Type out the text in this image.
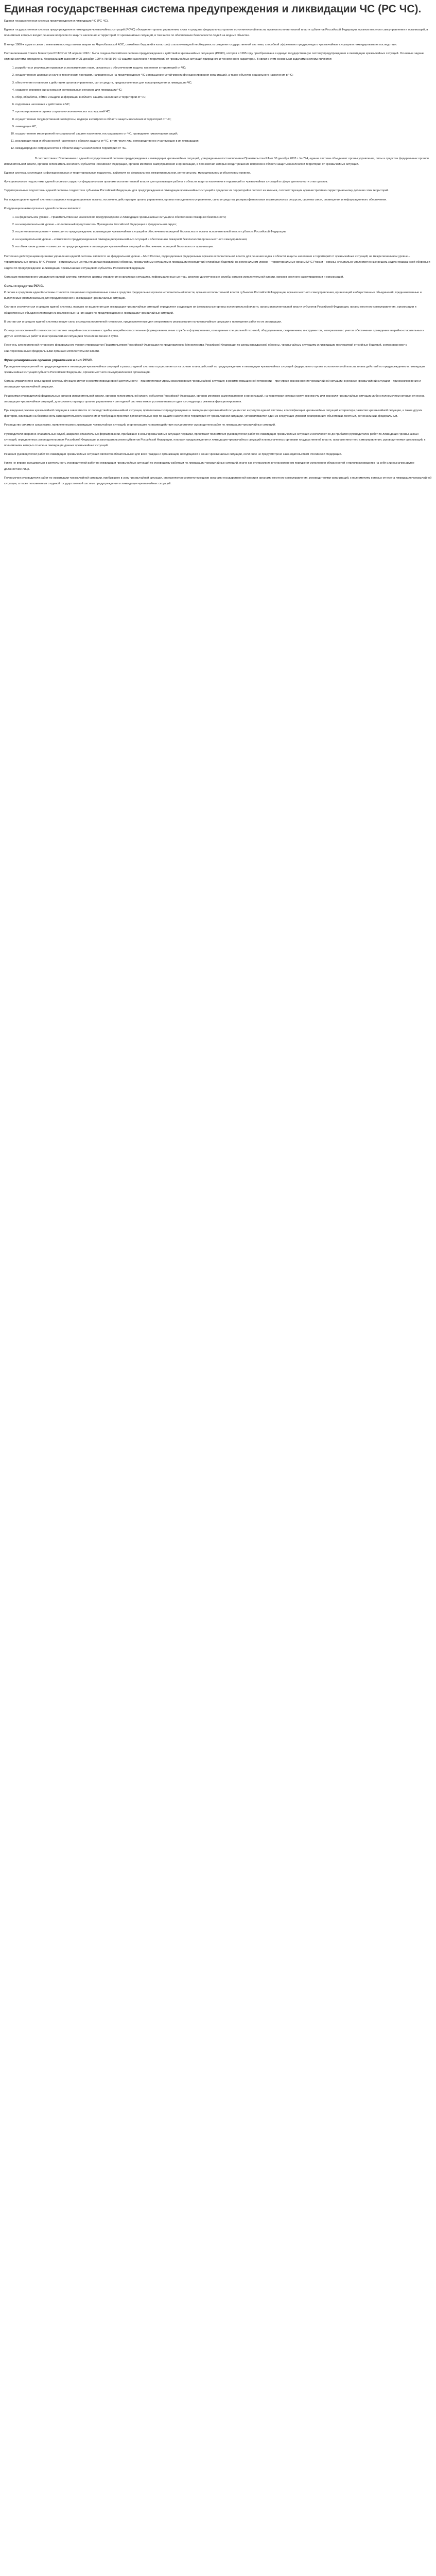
Единая государственная система предупреждения и ликвидации ЧС (РС ЧС).

Единая государственная система предупреждения и ликвидации ЧС (РС ЧС).

Единая государственная система предупреждения и ликвидации чрезвычайных ситуаций (РСЧС) объединяет органы управления, силы и средства федеральных органов исполнительной власти, органов исполнительной власти субъектов Российской Федерации, органов местного самоуправления и организаций, в полномочия которых входит решение вопросов по защите населения и территорий от чрезвычайных ситуаций, в том числе по обеспечению безопасности людей на водных объектах.

В конце 1980-х годов в связи с тяжелыми последствиями аварии на Чернобыльской АЭС, стихийных бедствий и катастроф стала очевидной необходимость создания государственной системы, способной эффективно предупреждать чрезвычайные ситуации и ликвидировать их последствия.

Постановлением Совета Министров РСФСР от 18 апреля 1992 г. была создана Российская система предупреждения и действий в чрезвычайных ситуациях (РСЧС), которая в 1995 году преобразована в единую государственную систему предупреждения и ликвидации чрезвычайных ситуаций. Основные задачи единой системы определены Федеральным законом от 21 декабря 1994 г. № 68-ФЗ «О защите населения и территорий от чрезвычайных ситуаций природного и техногенного характера». В связи с этим основными задачами системы являются:

1. разработка и реализация правовых и экономических норм, связанных с обеспечением защиты населения и территорий от ЧС;
2. осуществление целевых и научно-технических программ, направленных на предупреждение ЧС и повышение устойчивости функционирования организаций, а также объектов социального назначения в ЧС;
3. обеспечение готовности к действиям органов управления, сил и средств, предназначенных для предупреждения и ликвидации ЧС;
4. создание резервов финансовых и материальных ресурсов для ликвидации ЧС;
5. сбор, обработка, обмен и выдача информации в области защиты населения и территорий от ЧС;
6. подготовка населения к действиям в ЧС;
7. прогнозирование и оценка социально-экономических последствий ЧС;
8. осуществление государственной экспертизы, надзора и контроля в области защиты населения и территорий от ЧС;
9. ликвидация ЧС;
10. осуществление мероприятий по социальной защите населения, пострадавшего от ЧС, проведение гуманитарных акций;
11. реализация прав и обязанностей населения в области защиты от ЧС, в том числе лиц, непосредственно участвующих в их ликвидации;
12. международное сотрудничество в области защиты населения и территорий от ЧС.

В соответствии с Положением о единой государственной системе предупреждения и ликвидации чрезвычайных ситуаций, утвержденным постановлением Правительства РФ от 30 декабря 2003 г. № 794, единая система объединяет органы управления, силы и средства федеральных органов исполнительной власти, органов исполнительной власти субъектов Российской Федерации, органов местного самоуправления и организаций, в полномочия которых входит решение вопросов в области защиты населения и территорий от чрезвычайных ситуаций.

Единая система, состоящая из функциональных и территориальных подсистем, действует на федеральном, межрегиональном, региональном, муниципальном и объектовом уровнях.

Функциональные подсистемы единой системы создаются федеральными органами исполнительной власти для организации работы в области защиты населения и территорий от чрезвычайных ситуаций в сфере деятельности этих органов.

Территориальные подсистемы единой системы создаются в субъектах Российской Федерации для предупреждения и ликвидации чрезвычайных ситуаций в пределах их территорий и состоят из звеньев, соответствующих административно-территориальному делению этих территорий.

На каждом уровне единой системы создаются координационные органы, постоянно действующие органы управления, органы повседневного управления, силы и средства, резервы финансовых и материальных ресурсов, системы связи, оповещения и информационного обеспечения.

Координационными органами единой системы являются:

1. на федеральном уровне – Правительственная комиссия по предупреждению и ликвидации чрезвычайных ситуаций и обеспечению пожарной безопасности;
2. на межрегиональном уровне – полномочный представитель Президента Российской Федерации в федеральном округе;
3. на региональном уровне – комиссия по предупреждению и ликвидации чрезвычайных ситуаций и обеспечению пожарной безопасности органа исполнительной власти субъекта Российской Федерации;
4. на муниципальном уровне – комиссия по предупреждению и ликвидации чрезвычайных ситуаций и обеспечению пожарной безопасности органа местного самоуправления;
5. на объектовом уровне – комиссия по предупреждению и ликвидации чрезвычайных ситуаций и обеспечению пожарной безопасности организации.

Постоянно действующими органами управления единой системы являются: на федеральном уровне – МЧС России, подразделения федеральных органов исполнительной власти для решения задач в области защиты населения и территорий от чрезвычайных ситуаций; на межрегиональном уровне – территориальные органы МЧС России – региональные центры по делам гражданской обороны, чрезвычайным ситуациям и ликвидации последствий стихийных бедствий; на региональном уровне – территориальные органы МЧС России – органы, специально уполномоченные решать задачи гражданской обороны и задачи по предупреждению и ликвидации чрезвычайных ситуаций по субъектам Российской Федерации.

Органами повседневного управления единой системы являются: центры управления в кризисных ситуациях, информационные центры, дежурно-диспетчерские службы органов исполнительной власти, органов местного самоуправления и организаций.

Силы и средства РСЧС.

К силам и средствам единой системы относятся специально подготовленные силы и средства федеральных органов исполнительной власти, органов исполнительной власти субъектов Российской Федерации, органов местного самоуправления, организаций и общественных объединений, предназначенные и выделяемые (привлекаемые) для предупреждения и ликвидации чрезвычайных ситуаций.

Состав и структуру сил и средств единой системы, порядок их выделения для ликвидации чрезвычайных ситуаций определяют создающие их федеральные органы исполнительной власти, органы исполнительной власти субъектов Российской Федерации, органы местного самоуправления, организации и общественные объединения исходя из возложенных на них задач по предупреждению и ликвидации чрезвычайных ситуаций.

В состав сил и средств единой системы входят силы и средства постоянной готовности, предназначенные для оперативного реагирования на чрезвычайные ситуации и проведения работ по их ликвидации.

Основу сил постоянной готовности составляют аварийно-спасательные службы, аварийно-спасательные формирования, иные службы и формирования, оснащенные специальной техникой, оборудованием, снаряжением, инструментом, материалами с учетом обеспечения проведения аварийно-спасательных и других неотложных работ в зоне чрезвычайной ситуации в течение не менее 3 суток.

Перечень сил постоянной готовности федерального уровня утверждается Правительством Российской Федерации по представлению Министерства Российской Федерации по делам гражданской обороны, чрезвычайным ситуациям и ликвидации последствий стихийных бедствий, согласованному с заинтересованными федеральными органами исполнительной власти.

Функционирование органов управления и сил РСЧС.

Проведение мероприятий по предупреждению и ликвидации чрезвычайных ситуаций в рамках единой системы осуществляется на основе плана действий по предупреждению и ликвидации чрезвычайных ситуаций федерального органа исполнительной власти, плана действий по предупреждению и ликвидации чрезвычайных ситуаций субъекта Российской Федерации, органов местного самоуправления и организаций.

Органы управления и силы единой системы функционируют в режиме повседневной деятельности – при отсутствии угрозы возникновения чрезвычайной ситуации; в режиме повышенной готовности – при угрозе возникновения чрезвычайной ситуации; в режиме чрезвычайной ситуации – при возникновении и ликвидации чрезвычайной ситуации.

Решениями руководителей федеральных органов исполнительной власти, органов исполнительной власти субъектов Российской Федерации, органов местного самоуправления и организаций, на территории которых могут возникнуть или возникли чрезвычайные ситуации либо к полномочиям которых отнесена ликвидация чрезвычайных ситуаций, для соответствующих органов управления и сил единой системы может устанавливаться один из следующих режимов функционирования.

При введении режима чрезвычайной ситуации в зависимости от последствий чрезвычайной ситуации, привлекаемых к предупреждению и ликвидации чрезвычайной ситуации сил и средств единой системы, классификации чрезвычайных ситуаций и характера развития чрезвычайной ситуации, а также других факторов, влияющих на безопасность жизнедеятельности населения и требующих принятия дополнительных мер по защите населения и территорий от чрезвычайной ситуации, устанавливается один из следующих уровней реагирования: объектовый, местный, региональный, федеральный.

Руководство силами и средствами, привлеченными к ликвидации чрезвычайных ситуаций, и организацию их взаимодействия осуществляют руководители работ по ликвидации чрезвычайных ситуаций.

Руководители аварийно-спасательных служб, аварийно-спасательных формирований, прибывшие в зоны чрезвычайных ситуаций первыми, принимают полномочия руководителей работ по ликвидации чрезвычайных ситуаций и исполняют их до прибытия руководителей работ по ликвидации чрезвычайных ситуаций, определенных законодательством Российской Федерации и законодательством субъектов Российской Федерации, планами предупреждения и ликвидации чрезвычайных ситуаций или назначенных органами государственной власти, органами местного самоуправления, руководителями организаций, к полномочиям которых отнесена ликвидация данных чрезвычайных ситуаций.

Решения руководителей работ по ликвидации чрезвычайных ситуаций являются обязательными для всех граждан и организаций, находящихся в зонах чрезвычайных ситуаций, если иное не предусмотрено законодательством Российской Федерации.

Никто не вправе вмешиваться в деятельность руководителей работ по ликвидации чрезвычайных ситуаций по руководству работами по ликвидации чрезвычайных ситуаций, иначе как отстранив их в установленном порядке от исполнения обязанностей и приняв руководство на себя или назначив другое должностное лицо.

Полномочия руководителя работ по ликвидации чрезвычайной ситуации, прибывшего в зону чрезвычайной ситуации, определяются соответствующими органами государственной власти и органами местного самоуправления, руководителями организаций, к полномочиям которых отнесена ликвидация чрезвычайной ситуации, а также положениями о единой государственной системе предупреждения и ликвидации чрезвычайных ситуаций.
